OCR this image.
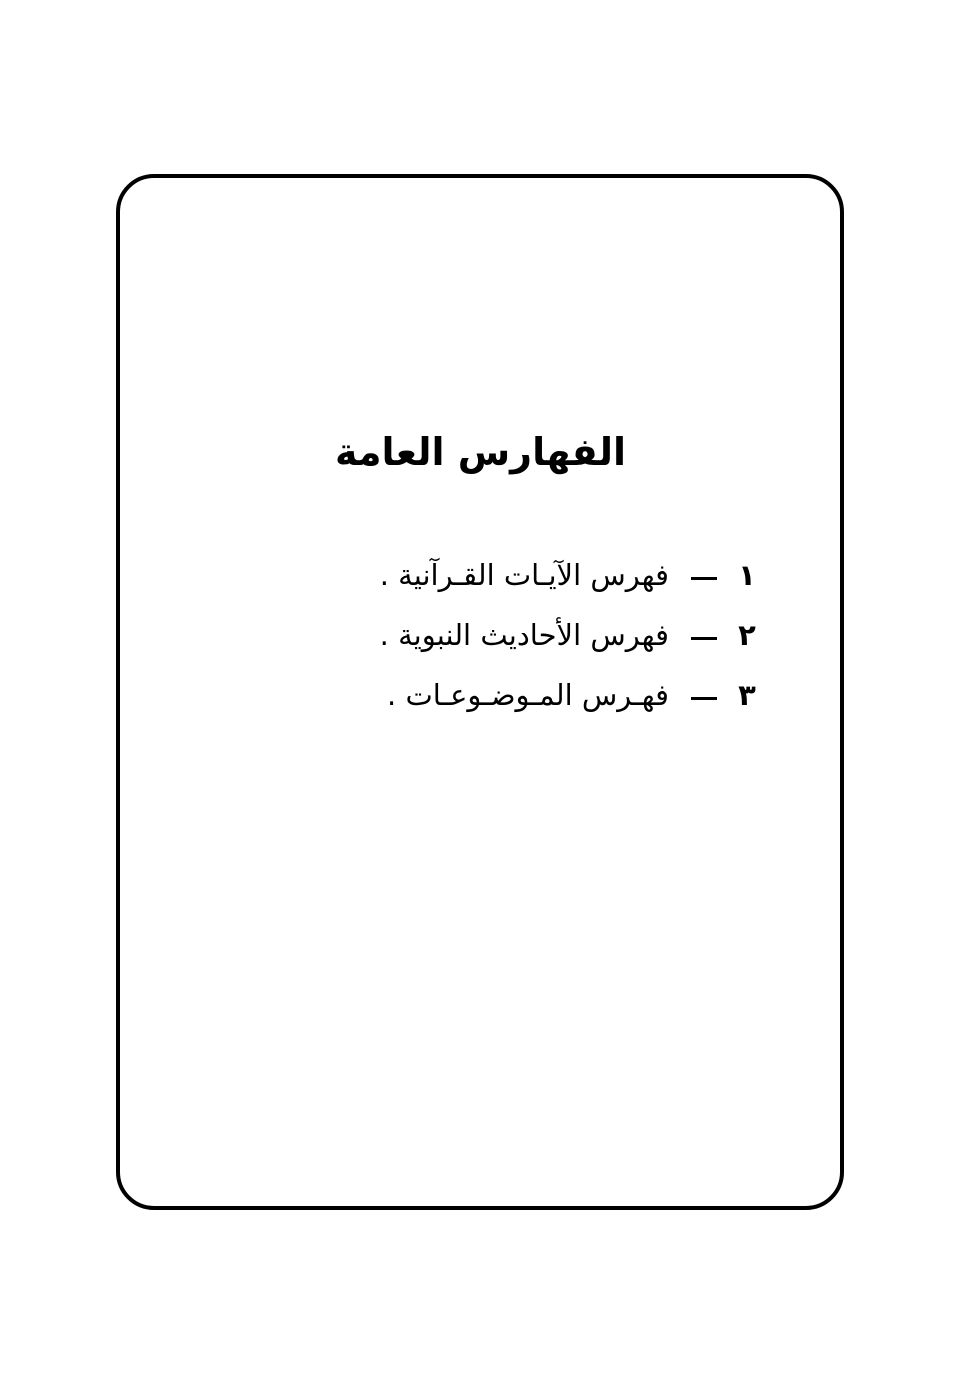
الفهارس العامة
١
فهرس الآيـات القـرآنية .
٢
فهرس الأحاديث النبوية .
٣
فهـرس المـوضـوعـات .
